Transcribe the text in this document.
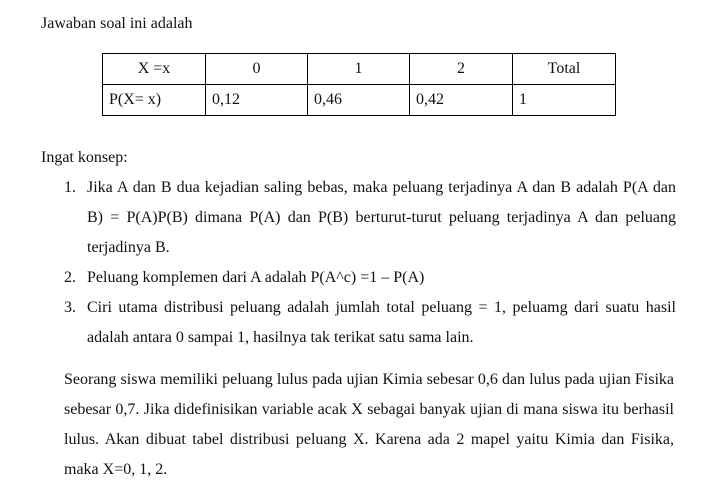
Jawaban soal ini adalah
X =x	0	1	2	Total
P(X= x)	0,12	0,46	0,42	1
Ingat konsep:
1. Jika A dan B dua kejadian saling bebas, maka peluang terjadinya A dan B adalah P(A dan B) = P(A)P(B) dimana P(A) dan P(B) berturut-turut peluang terjadinya A dan peluang terjadinya B.
2. Peluang komplemen dari A adalah P(A^c) =1 – P(A)
3. Ciri utama distribusi peluang adalah jumlah total peluang = 1, peluamg dari suatu hasil adalah antara 0 sampai 1, hasilnya tak terikat satu sama lain.

Seorang siswa memiliki peluang lulus pada ujian Kimia sebesar 0,6 dan lulus pada ujian Fisika sebesar 0,7. Jika didefinisikan variable acak X sebagai banyak ujian di mana siswa itu berhasil lulus. Akan dibuat tabel distribusi peluang X. Karena ada 2 mapel yaitu Kimia dan Fisika, maka X=0, 1, 2.
